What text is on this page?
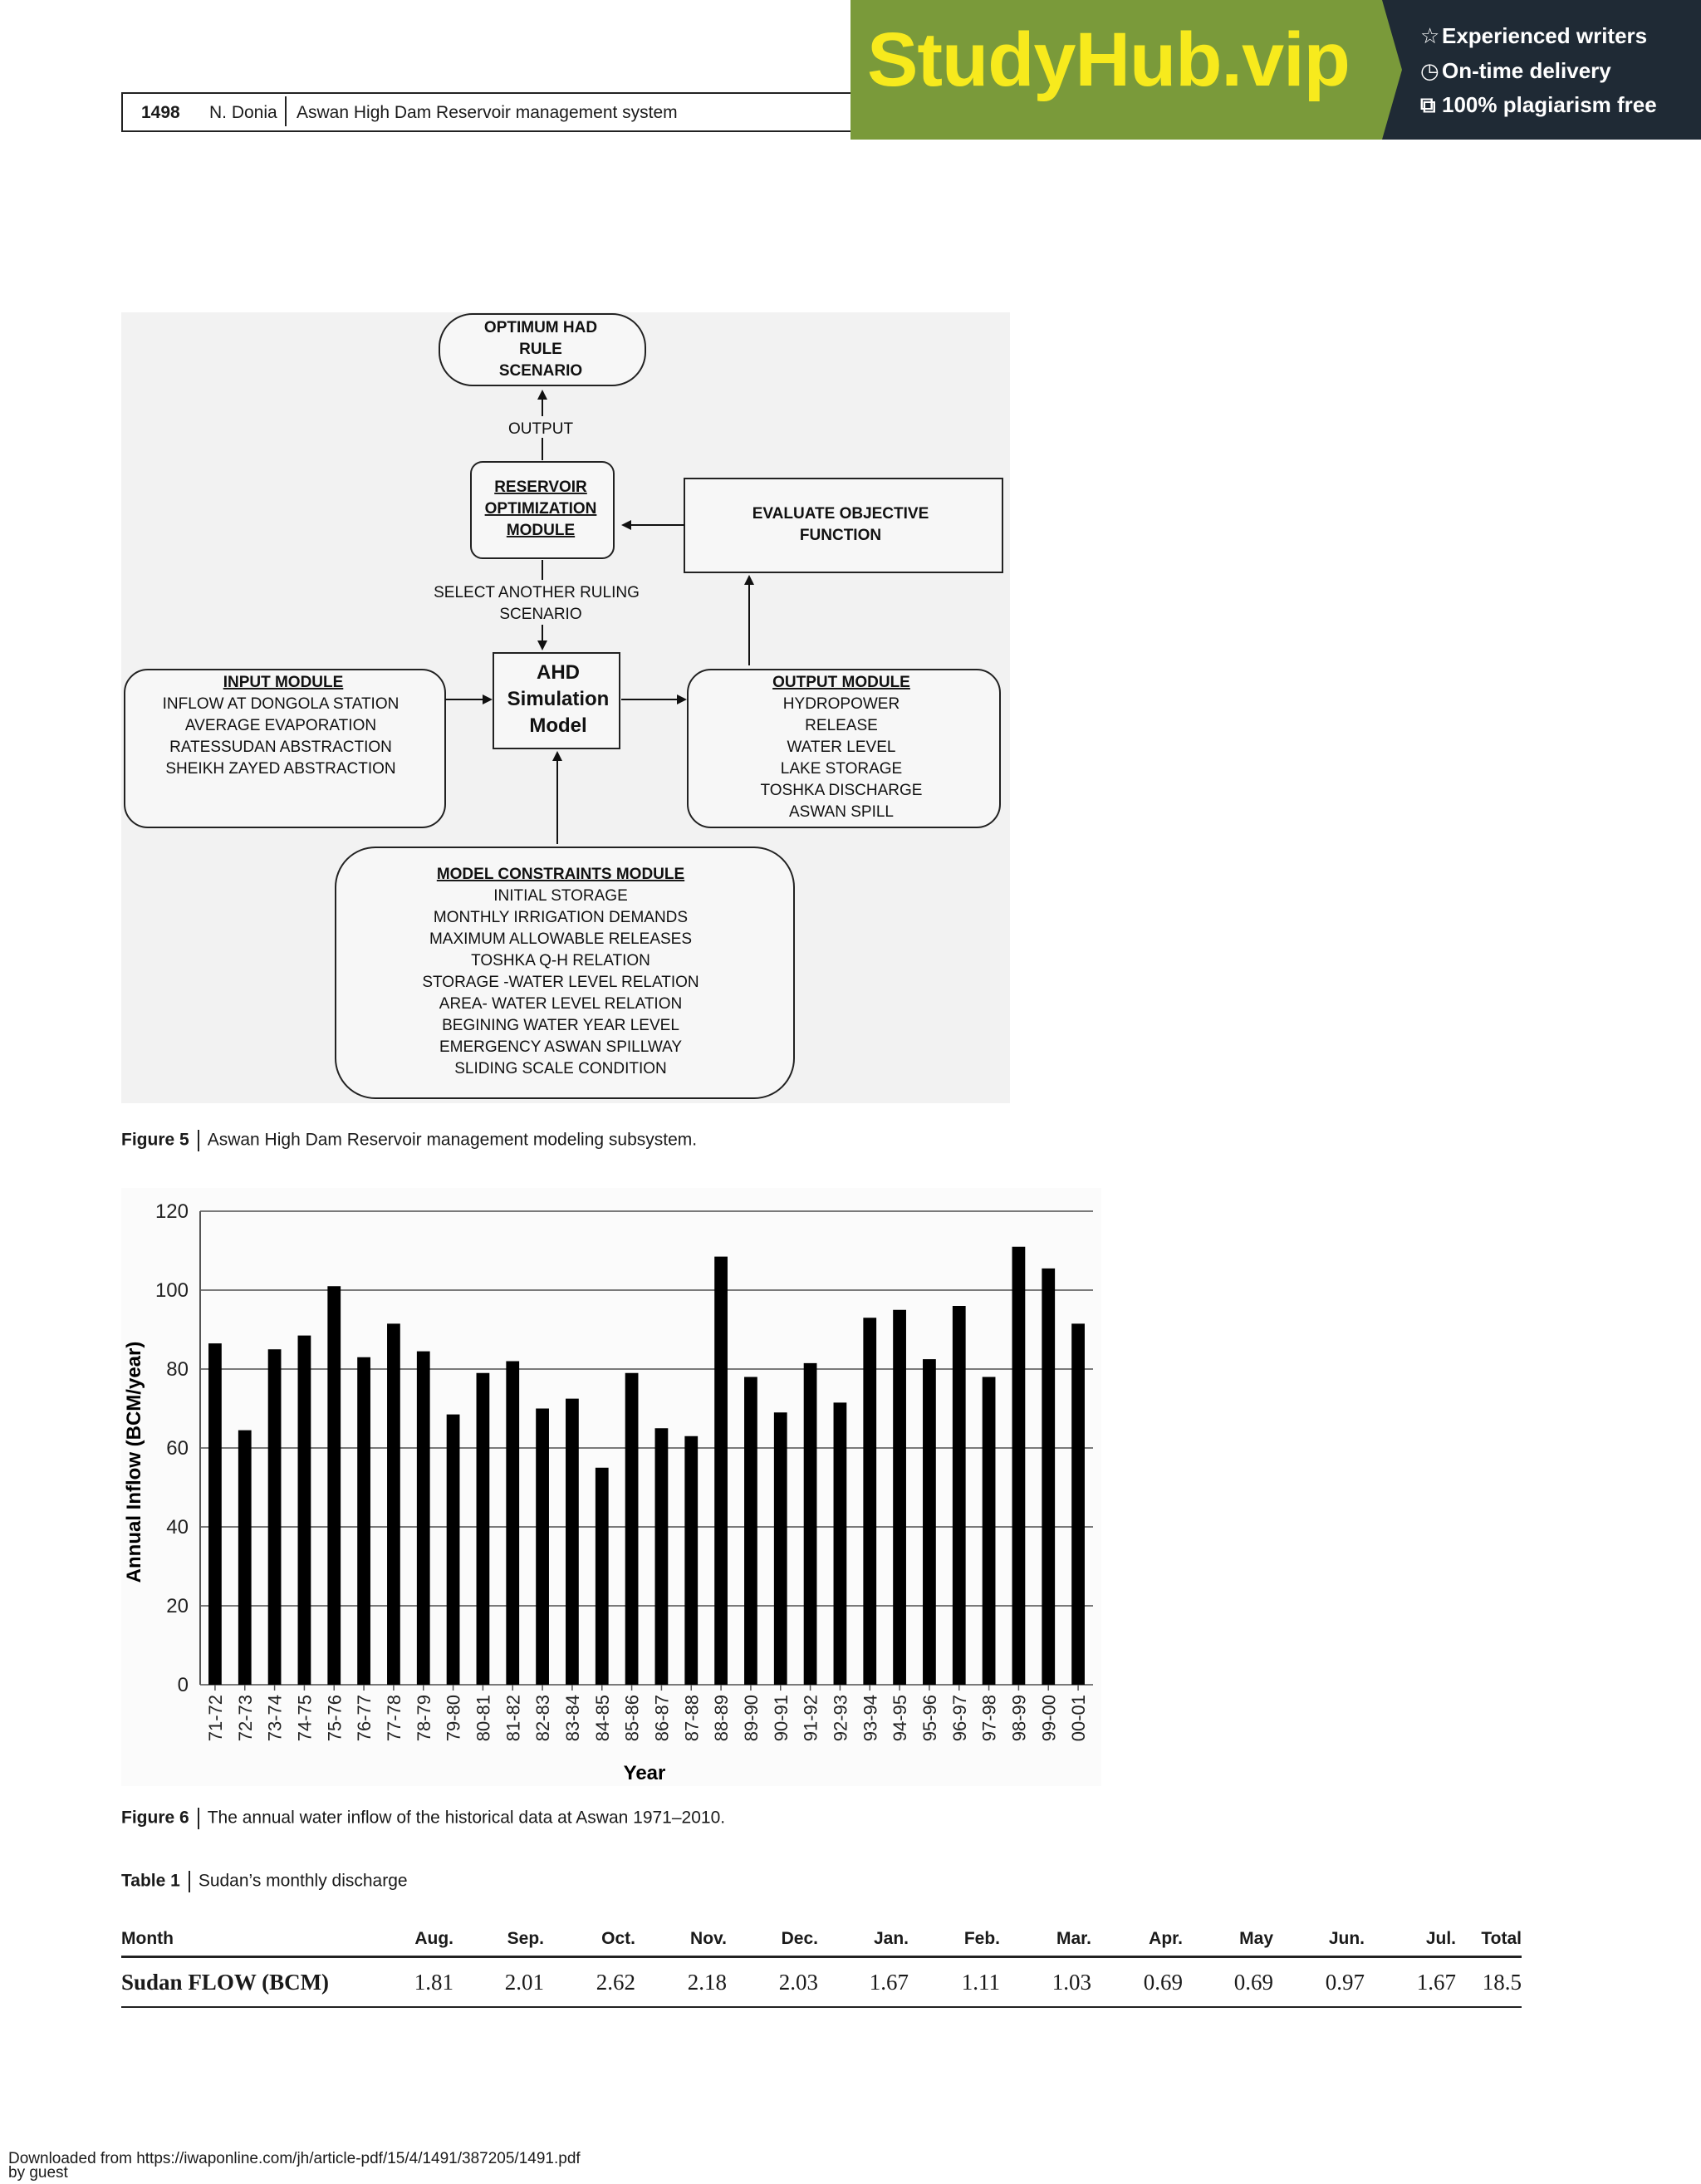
1498 N. Donia Aswan High Dam Reservoir management system
StudyHub.vip	☆ Experienced writers
◷ On-time delivery
⧉ 100% plagiarism free
OPTIMUM HAD
RULE
SCENARIO
OUTPUT
RESERVOIR
OPTIMIZATION
MODULE
EVALUATE OBJECTIVE
FUNCTION
SELECT ANOTHER RULING
SCENARIO
AHD
Simulation
Model
INPUT MODULE
INFLOW AT DONGOLA STATION
AVERAGE EVAPORATION
RATESSUDAN ABSTRACTION
SHEIKH ZAYED ABSTRACTION
OUTPUT MODULE
HYDROPOWER
RELEASE
WATER LEVEL
LAKE STORAGE
TOSHKA DISCHARGE
ASWAN SPILL
MODEL CONSTRAINTS MODULE
INITIAL STORAGE
MONTHLY IRRIGATION DEMANDS
MAXIMUM ALLOWABLE RELEASES
TOSHKA Q-H RELATION
STORAGE -WATER LEVEL RELATION
AREA- WATER LEVEL RELATION
BEGINING WATER YEAR LEVEL
EMERGENCY ASWAN SPILLWAY
SLIDING SCALE CONDITION
Figure 5 Aswan High Dam Reservoir management modeling subsystem.
0
20
40
60
80
100
120
71-72 72-73 73-74 74-75 75-76 76-77 77-78 78-79 79-80 80-81 81-82 82-83 83-84 84-85 85-86 86-87 87-88 88-89 89-90 90-91 91-92 92-93 93-94 94-95 95-96 96-97 97-98 98-99 99-00 00-01
Year
Annual Inflow (BCM/year)
Figure 6 The annual water inflow of the historical data at Aswan 1971–2010.
Table 1 Sudan’s monthly discharge
Month	Aug.	Sep.	Oct.	Nov.	Dec.	Jan.	Feb.	Mar.	Apr.	May	Jun.	Jul.	Total
Sudan FLOW (BCM)	1.81	2.01	2.62	2.18	2.03	1.67	1.11	1.03	0.69	0.69	0.97	1.67	18.5
Downloaded from https://iwaponline.com/jh/article-pdf/15/4/1491/387205/1491.pdf
by guest
